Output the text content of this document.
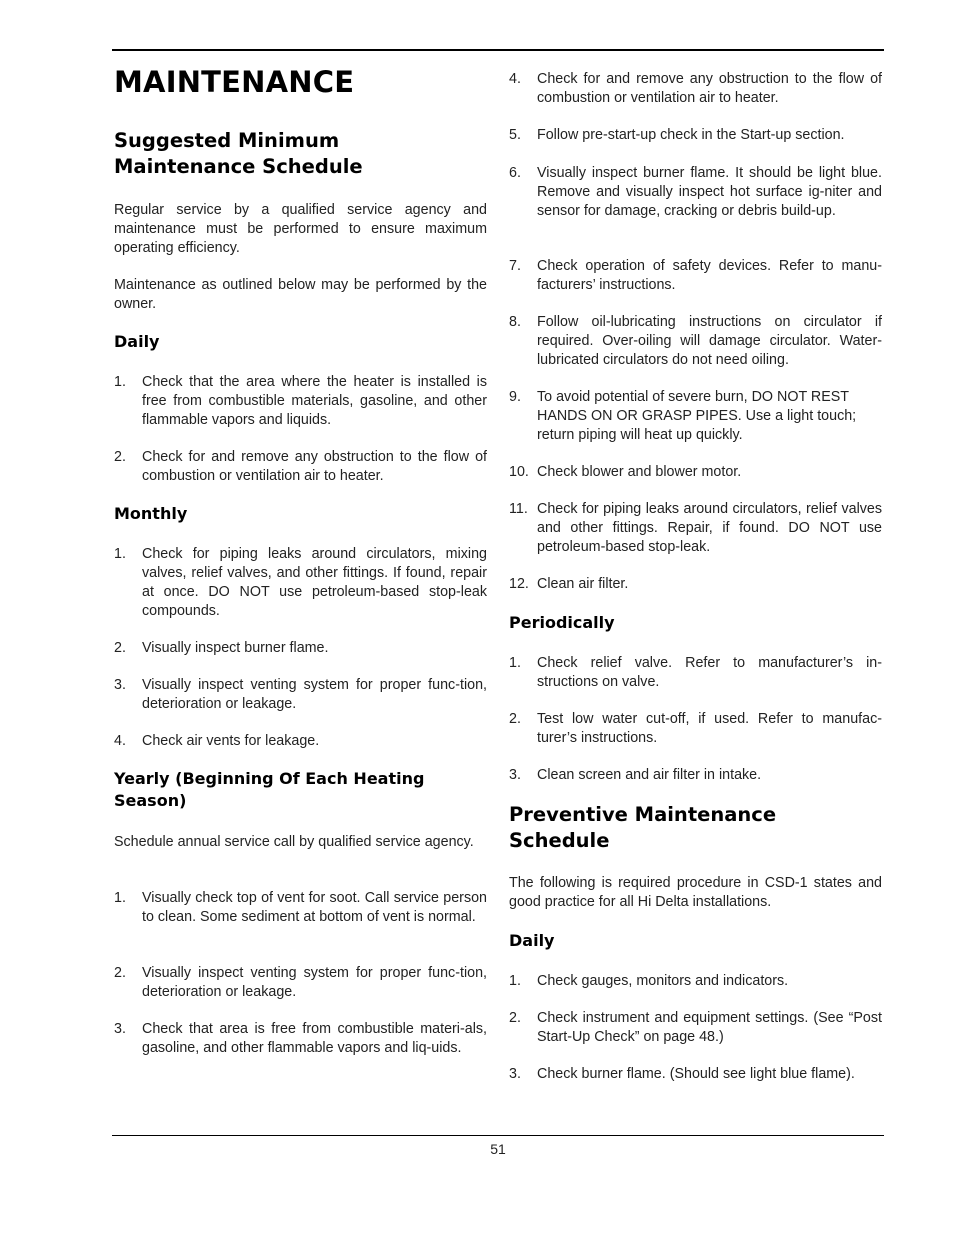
MAINTENANCE
Suggested Minimum Maintenance Schedule
Regular service by a qualified service agency and maintenance must be performed to ensure maximum operating efficiency.
Maintenance as outlined below may be performed by the owner.
Daily
1. Check that the area where the heater is installed is free from combustible materials, gasoline, and other flammable vapors and liquids.
2. Check for and remove any obstruction to the flow of combustion or ventilation air to heater.
Monthly
1. Check for piping leaks around circulators, mixing valves, relief valves, and other fittings. If found, repair at once. DO NOT use petroleum-based stop-leak compounds.
2. Visually inspect burner flame.
3. Visually inspect venting system for proper func-tion, deterioration or leakage.
4. Check air vents for leakage.
Yearly (Beginning Of Each Heating Season)
Schedule annual service call by qualified service agency.
1. Visually check top of vent for soot. Call service person to clean. Some sediment at bottom of vent is normal.
2. Visually inspect venting system for proper func-tion, deterioration or leakage.
3. Check that area is free from combustible materi-als, gasoline, and other flammable vapors and liq-uids.
4. Check for and remove any obstruction to the flow of combustion or ventilation air to heater.
5. Follow pre-start-up check in the Start-up section.
6. Visually inspect burner flame. It should be light blue. Remove and visually inspect hot surface ig-niter and sensor for damage, cracking or debris build-up.
7. Check operation of safety devices. Refer to manu-facturers’ instructions.
8. Follow oil-lubricating instructions on circulator if required. Over-oiling will damage circulator. Water-lubricated circulators do not need oiling.
9. To avoid potential of severe burn, DO NOT REST HANDS ON OR GRASP PIPES. Use a light touch; return piping will heat up quickly.
10. Check blower and blower motor.
11. Check for piping leaks around circulators, relief valves and other fittings. Repair, if found. DO NOT use petroleum-based stop-leak.
12. Clean air filter.
Periodically
1. Check relief valve. Refer to manufacturer’s in-structions on valve.
2. Test low water cut-off, if used. Refer to manufac-turer’s instructions.
3. Clean screen and air filter in intake.
Preventive Maintenance Schedule
The following is required procedure in CSD-1 states and good practice for all Hi Delta installations.
Daily
1. Check gauges, monitors and indicators.
2. Check instrument and equipment settings. (See “Post Start-Up Check” on page 48.)
3. Check burner flame. (Should see light blue flame).
51
